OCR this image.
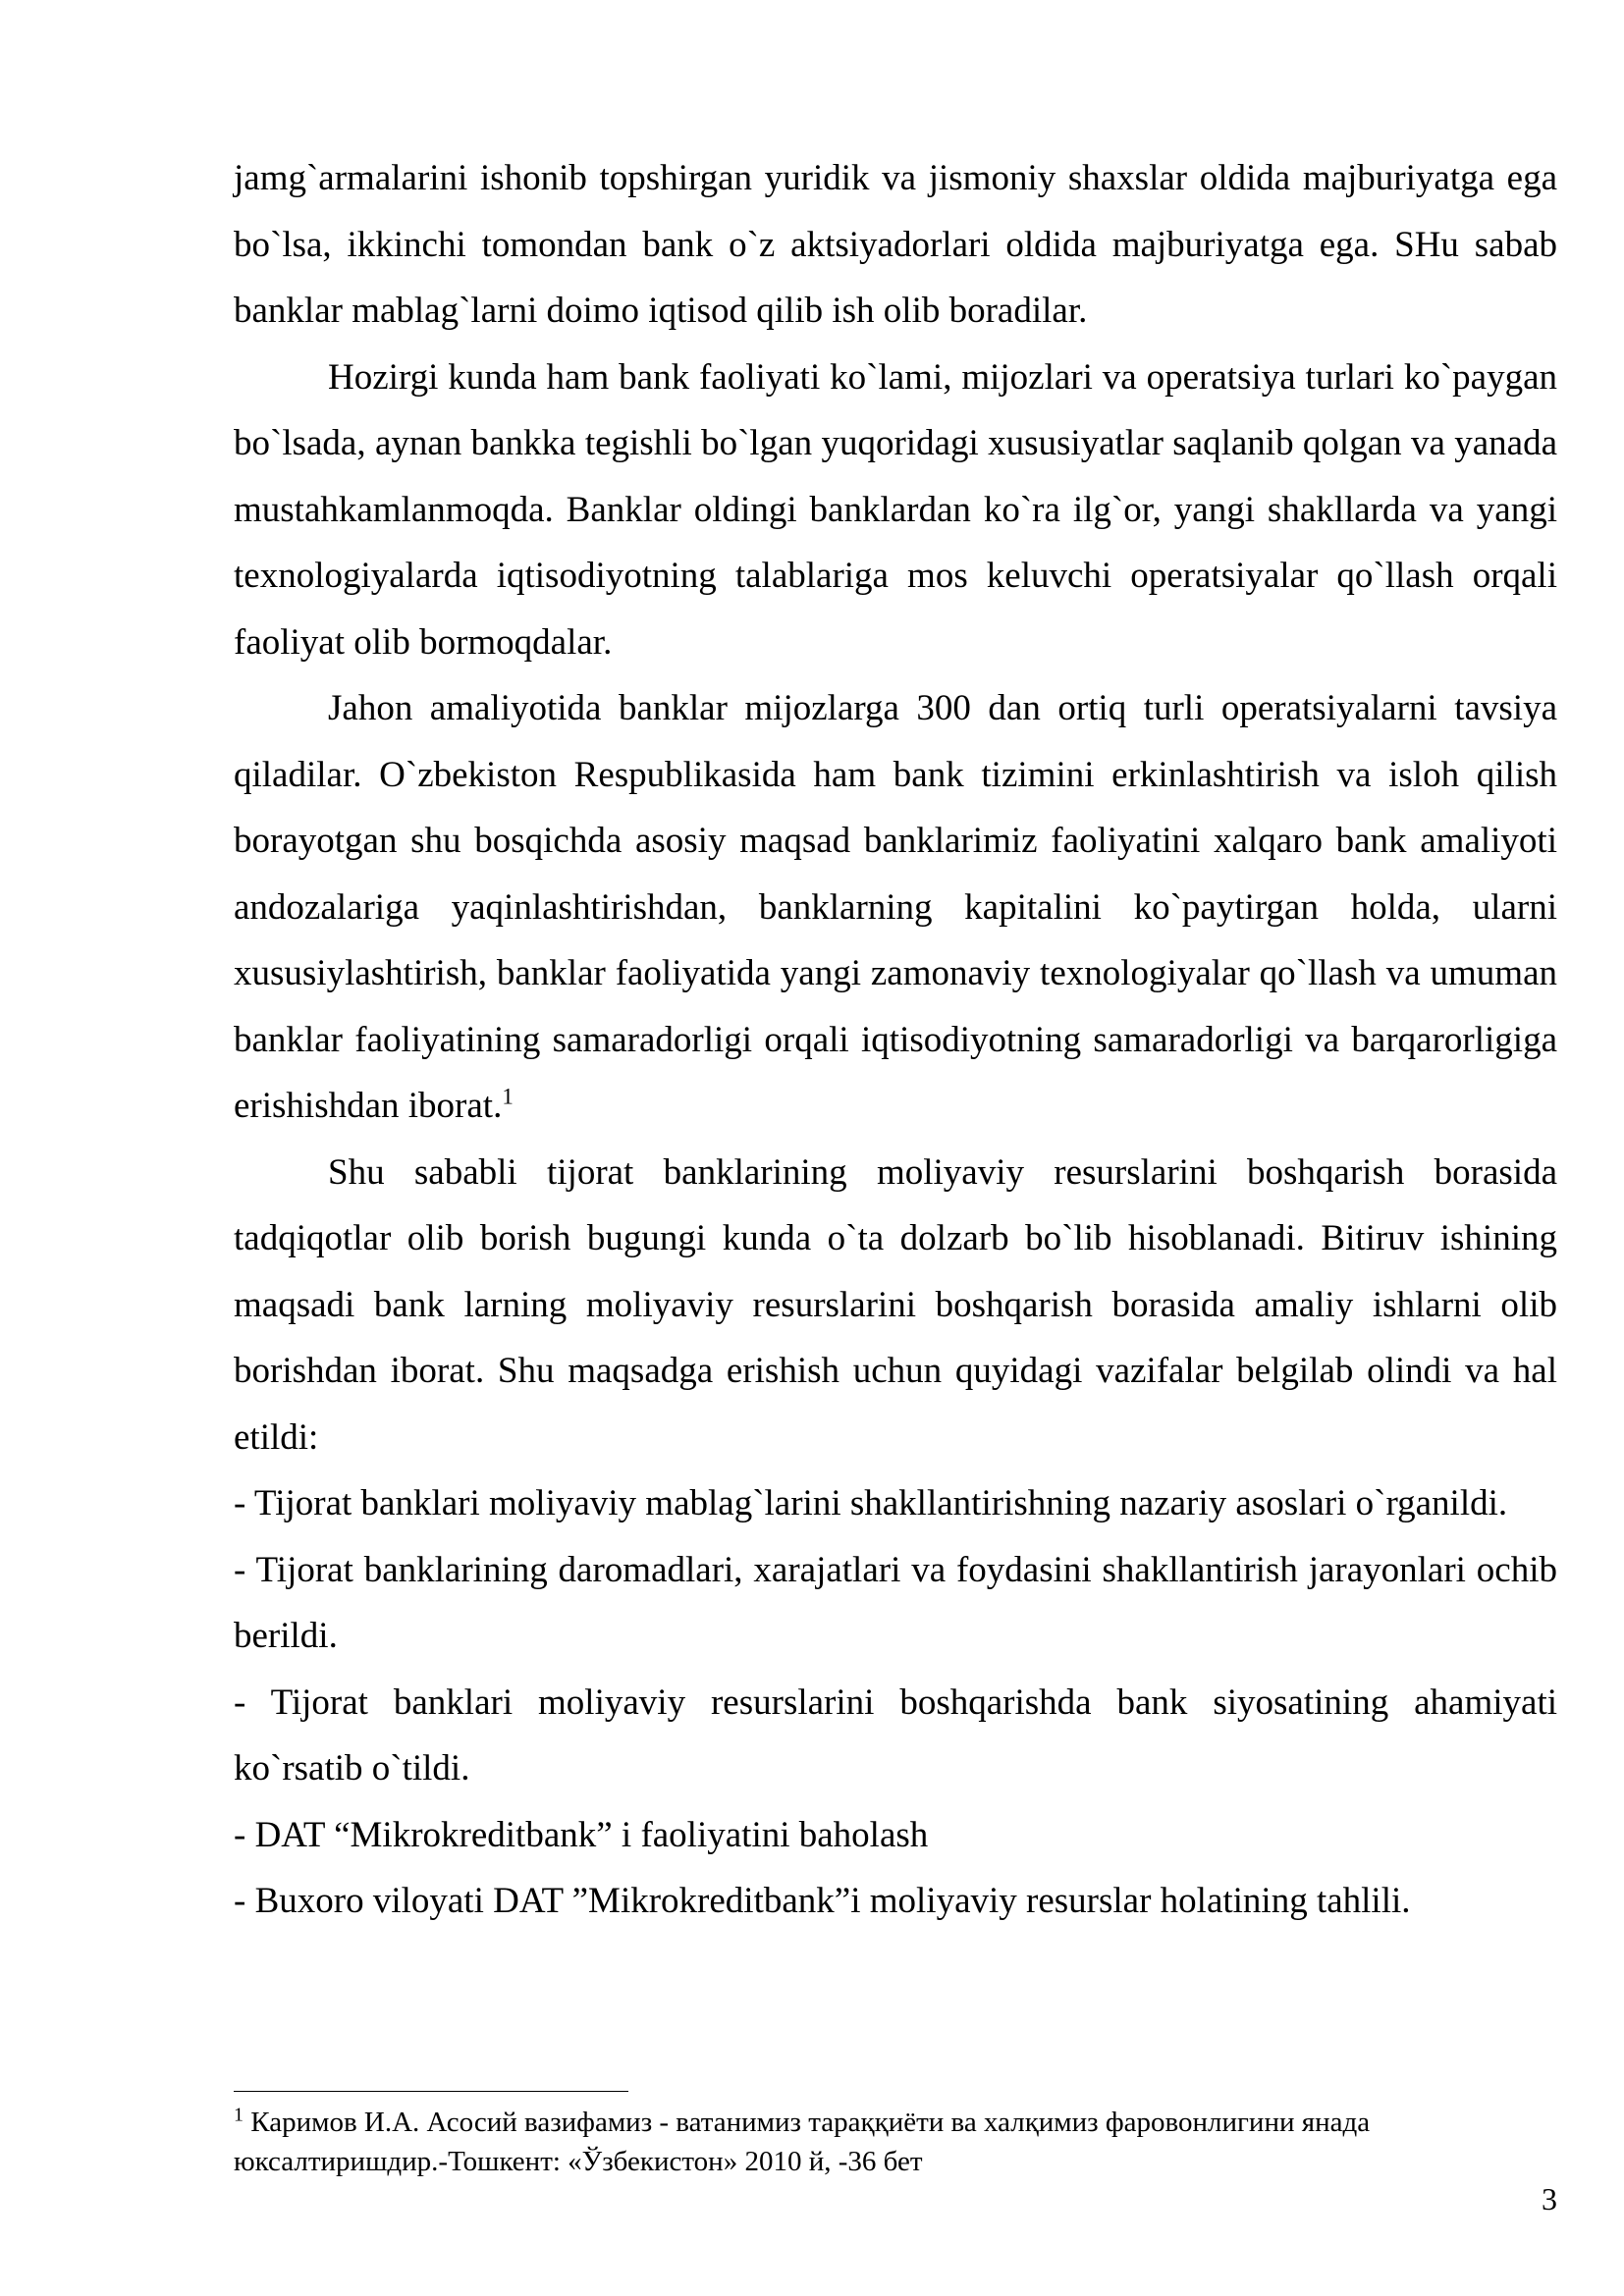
jamg`armalarini ishonib topshirgan yuridik va jismoniy shaxslar oldida majburiyatga ega bo`lsa, ikkinchi tomondan bank o`z aktsiyadorlari oldida majburiyatga ega. SHu sabab banklar mablag`larni doimo iqtisod qilib ish olib boradilar.

Hozirgi kunda ham bank faoliyati ko`lami, mijozlari va operatsiya turlari ko`paygan bo`lsada, aynan bankka tegishli bo`lgan yuqoridagi xususiyatlar saqlanib qolgan va yanada mustahkamlanmoqda. Banklar oldingi banklardan ko`ra ilg`or, yangi shakllarda va yangi texnologiyalarda iqtisodiyotning talablariga mos keluvchi operatsiyalar qo`llash orqali faoliyat olib bormoqdalar.

Jahon amaliyotida banklar mijozlarga 300 dan ortiq turli operatsiyalarni tavsiya qiladilar. O`zbekiston Respublikasida ham bank tizimini erkinlashtirish va isloh qilish borayotgan shu bosqichda asosiy maqsad banklarimiz faoliyatini xalqaro bank amaliyoti andozalariga yaqinlashtirishdan, banklarning kapitalini ko`paytirgan holda, ularni xususiylashtirish, banklar faoliyatida yangi zamonaviy texnologiyalar qo`llash va umuman banklar faoliyatining samaradorligi orqali iqtisodiyotning samaradorligi va barqarorligiga erishishdan iborat.$^1$

Shu sababli tijorat banklarining moliyaviy resurslarini boshqarish borasida tadqiqotlar olib borish bugungi kunda o`ta dolzarb bo`lib hisoblanadi. Bitiruv ishining maqsadi bank larning moliyaviy resurslarini boshqarish borasida amaliy ishlarni olib borishdan iborat. Shu maqsadga erishish uchun quyidagi vazifalar belgilab olindi va hal etildi:

- Tijorat banklari moliyaviy mablag`larini shakllantirishning nazariy asoslari o`rganildi.

- Tijorat banklarining daromadlari, xarajatlari va foydasini shakllantirish jarayonlari ochib berildi.

- Tijorat banklari moliyaviy resurslarini boshqarishda bank siyosatining ahamiyati ko`rsatib o`tildi.

- DAT “Mikrokreditbank” i faoliyatini baholash

- Buxoro viloyati DAT ”Mikrokreditbank”i moliyaviy resurslar holatining tahlili.

$^1$ Каримов И.А. Асосий вазифамиз - ватанимиз тараққиёти ва халқимиз фаровонлигини янада юксалтиришдир.-Тошкент: «Ўзбекистон» 2010 й, -36 бет

3
